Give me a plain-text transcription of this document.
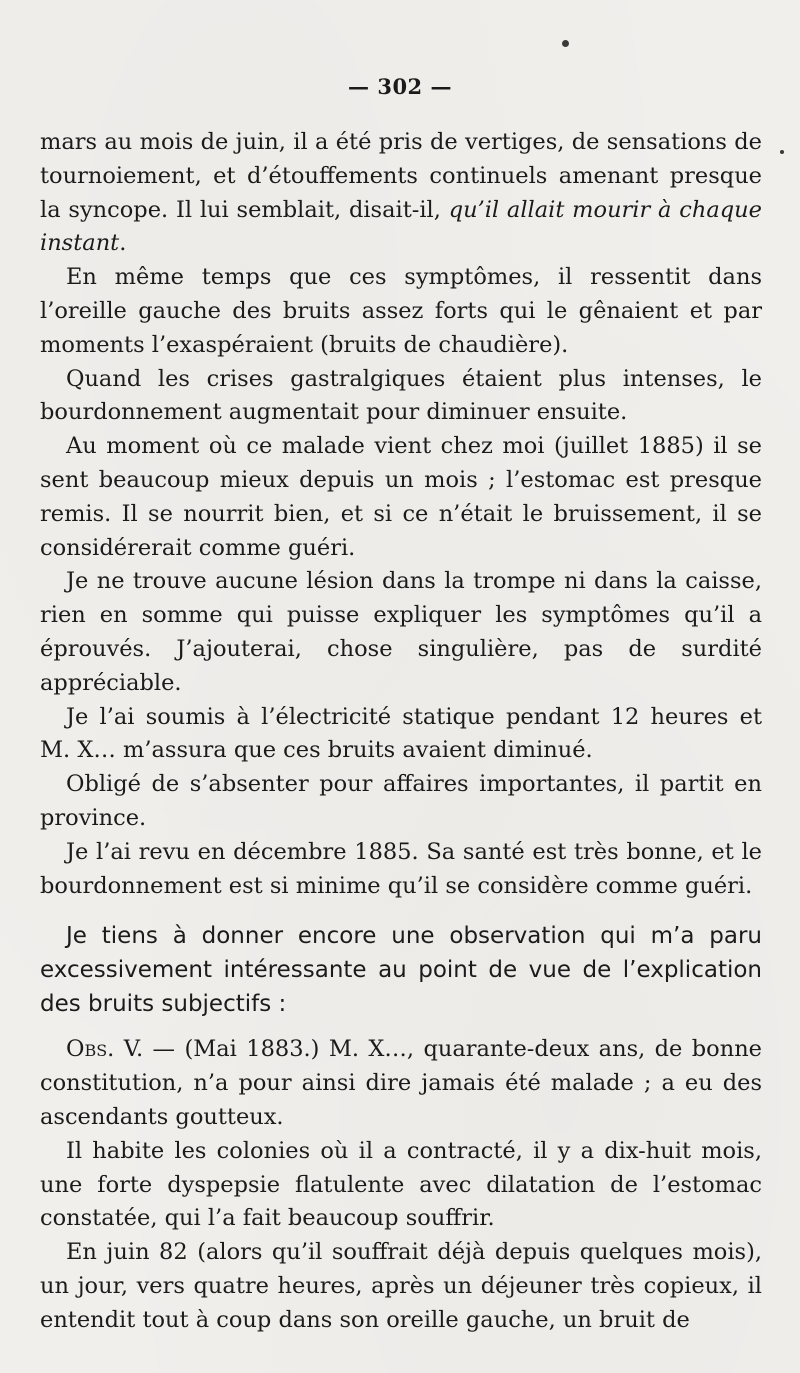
— 302 —

mars au mois de juin, il a été pris de vertiges, de sensations de tournoiement, et d’étouffements continuels amenant presque la syncope. Il lui semblait, disait-il, qu’il allait mourir à chaque instant.

En même temps que ces symptômes, il ressentit dans l’oreille gauche des bruits assez forts qui le gênaient et par moments l’exaspéraient (bruits de chaudière).

Quand les crises gastralgiques étaient plus intenses, le bourdonnement augmentait pour diminuer ensuite.

Au moment où ce malade vient chez moi (juillet 1885) il se sent beaucoup mieux depuis un mois ; l’estomac est presque remis. Il se nourrit bien, et si ce n’était le bruissement, il se considérerait comme guéri.

Je ne trouve aucune lésion dans la trompe ni dans la caisse, rien en somme qui puisse expliquer les symptômes qu’il a éprouvés. J’ajouterai, chose singulière, pas de surdité appréciable.

Je l’ai soumis à l’électricité statique pendant 12 heures et M. X… m’assura que ces bruits avaient diminué.

Obligé de s’absenter pour affaires importantes, il partit en province.

Je l’ai revu en décembre 1885. Sa santé est très bonne, et le bourdonnement est si minime qu’il se considère comme guéri.

Je tiens à donner encore une observation qui m’a paru excessivement intéressante au point de vue de l’explication des bruits subjectifs :

Obs. V. — (Mai 1883.) M. X…, quarante-deux ans, de bonne constitution, n’a pour ainsi dire jamais été malade ; a eu des ascendants goutteux.

Il habite les colonies où il a contracté, il y a dix-huit mois, une forte dyspepsie flatulente avec dilatation de l’estomac constatée, qui l’a fait beaucoup souffrir.

En juin 82 (alors qu’il souffrait déjà depuis quelques mois), un jour, vers quatre heures, après un déjeuner très copieux, il entendit tout à coup dans son oreille gauche, un bruit de
